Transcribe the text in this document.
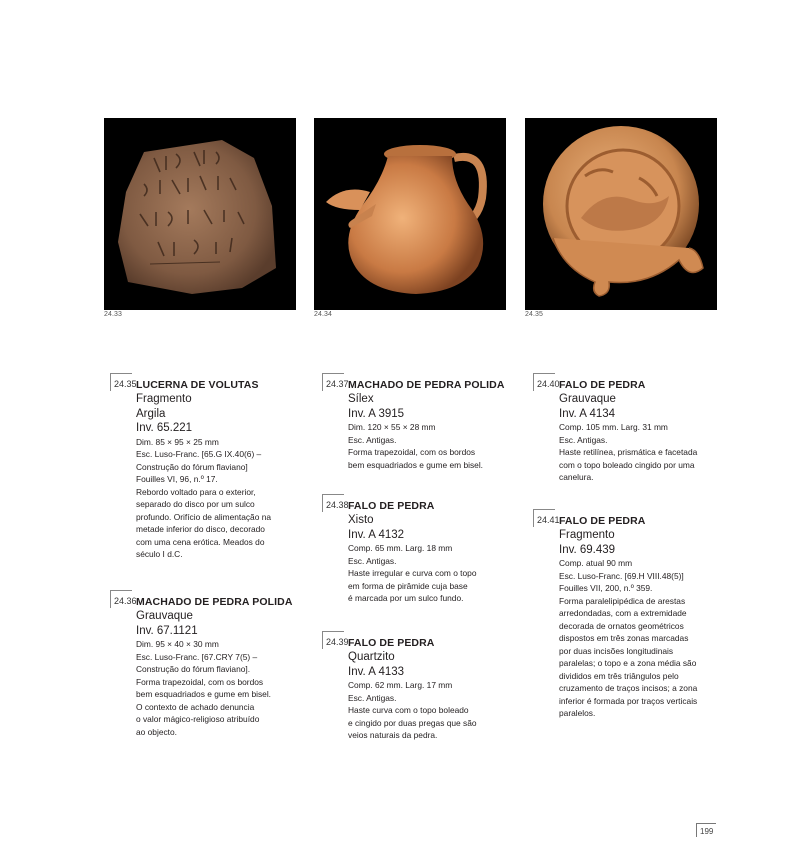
24.33	24.34	24.35
24.35 LUCERNA DE VOLUTAS
Fragmento
Argila
Inv. 65.221
Dim. 85 × 95 × 25 mm
Esc. Luso-Franc. [65.G IX.40(6) –
Construção do fórum flaviano]
Fouilles VI, 96, n.º 17.
Rebordo voltado para o exterior,
separado do disco por um sulco
profundo. Orifício de alimentação na
metade inferior do disco, decorado
com uma cena erótica. Meados do
século I d.C.
24.36 MACHADO DE PEDRA POLIDA
Grauvaque
Inv. 67.1121
Dim. 95 × 40 × 30 mm
Esc. Luso-Franc. [67.CRY 7(5) –
Construção do fórum flaviano].
Forma trapezoidal, com os bordos
bem esquadriados e gume em bisel.
O contexto de achado denuncia
o valor mágico-religioso atribuído
ao objecto.
24.37 MACHADO DE PEDRA POLIDA
Sílex
Inv. A 3915
Dim. 120 × 55 × 28 mm
Esc. Antigas.
Forma trapezoidal, com os bordos
bem esquadriados e gume em bisel.
24.38 FALO DE PEDRA
Xisto
Inv. A 4132
Comp. 65 mm. Larg. 18 mm
Esc. Antigas.
Haste irregular e curva com o topo
em forma de pirâmide cuja base
é marcada por um sulco fundo.
24.39 FALO DE PEDRA
Quartzito
Inv. A 4133
Comp. 62 mm. Larg. 17 mm
Esc. Antigas.
Haste curva com o topo boleado
e cingido por duas pregas que são
veios naturais da pedra.
24.40 FALO DE PEDRA
Grauvaque
Inv. A 4134
Comp. 105 mm. Larg. 31 mm
Esc. Antigas.
Haste retilínea, prismática e facetada
com o topo boleado cingido por uma
canelura.
24.41 FALO DE PEDRA
Fragmento
Inv. 69.439
Comp. atual 90 mm
Esc. Luso-Franc. [69.H VIII.48(5)]
Fouilles VII, 200, n.º 359.
Forma paralelipipédica de arestas
arredondadas, com a extremidade
decorada de ornatos geométricos
dispostos em três zonas marcadas
por duas incisões longitudinais
paralelas; o topo e a zona média são
divididos em três triângulos pelo
cruzamento de traços incisos; a zona
inferior é formada por traços verticais
paralelos.
199
